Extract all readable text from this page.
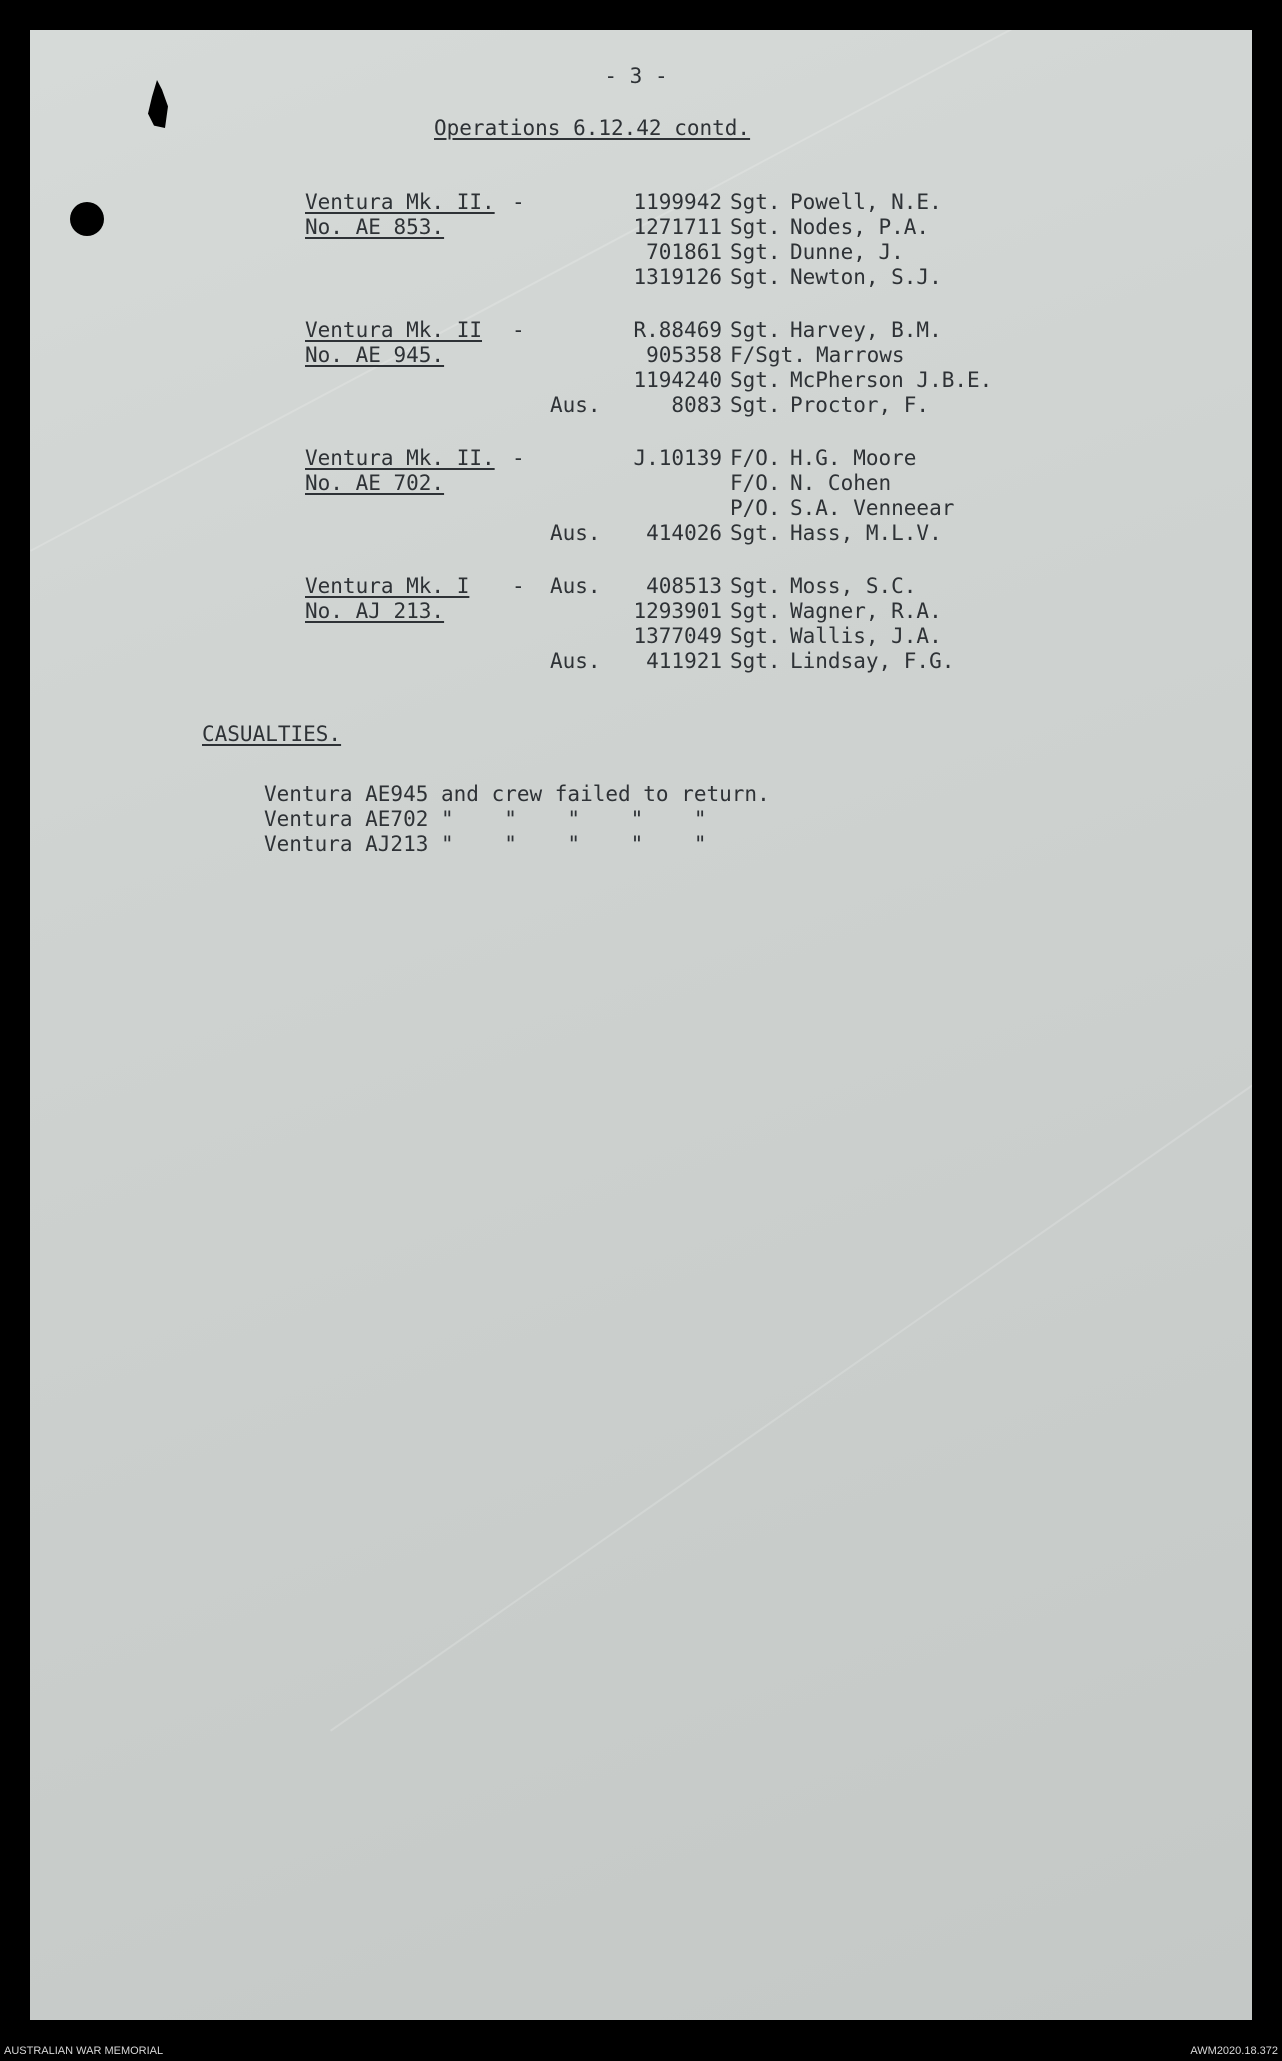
- 3 -
Operations 6.12.42 contd.
Ventura Mk. II. -
No. AE 853.
1199942 Sgt. Powell, N.E.
1271711 Sgt. Nodes, P.A.
701861 Sgt. Dunne, J.
1319126 Sgt. Newton, S.J.
Ventura Mk. II -
No. AE 945.
R.88469 Sgt. Harvey, B.M.
905358 F/Sgt. Marrows
1194240 Sgt. McPherson J.B.E.
Aus.	8083 Sgt. Proctor, F.
Ventura Mk. II. -
No. AE 702.
J.10139 F/O. H.G. Moore
F/O. N. Cohen
P/O. S.A. Venneear
Aus.	414026 Sgt. Hass, M.L.V.
Ventura Mk. I -
No. AJ 213.
Aus.	408513 Sgt. Moss, S.C.
1293901 Sgt. Wagner, R.A.
1377049 Sgt. Wallis, J.A.
Aus.	411921 Sgt. Lindsay, F.G.
CASUALTIES.
Ventura AE945 and crew failed to return.
Ventura AE702 "    "    "    "    "
Ventura AJ213 "    "    "    "    "
AUSTRALIAN WAR MEMORIAL	AWM2020.18.372
